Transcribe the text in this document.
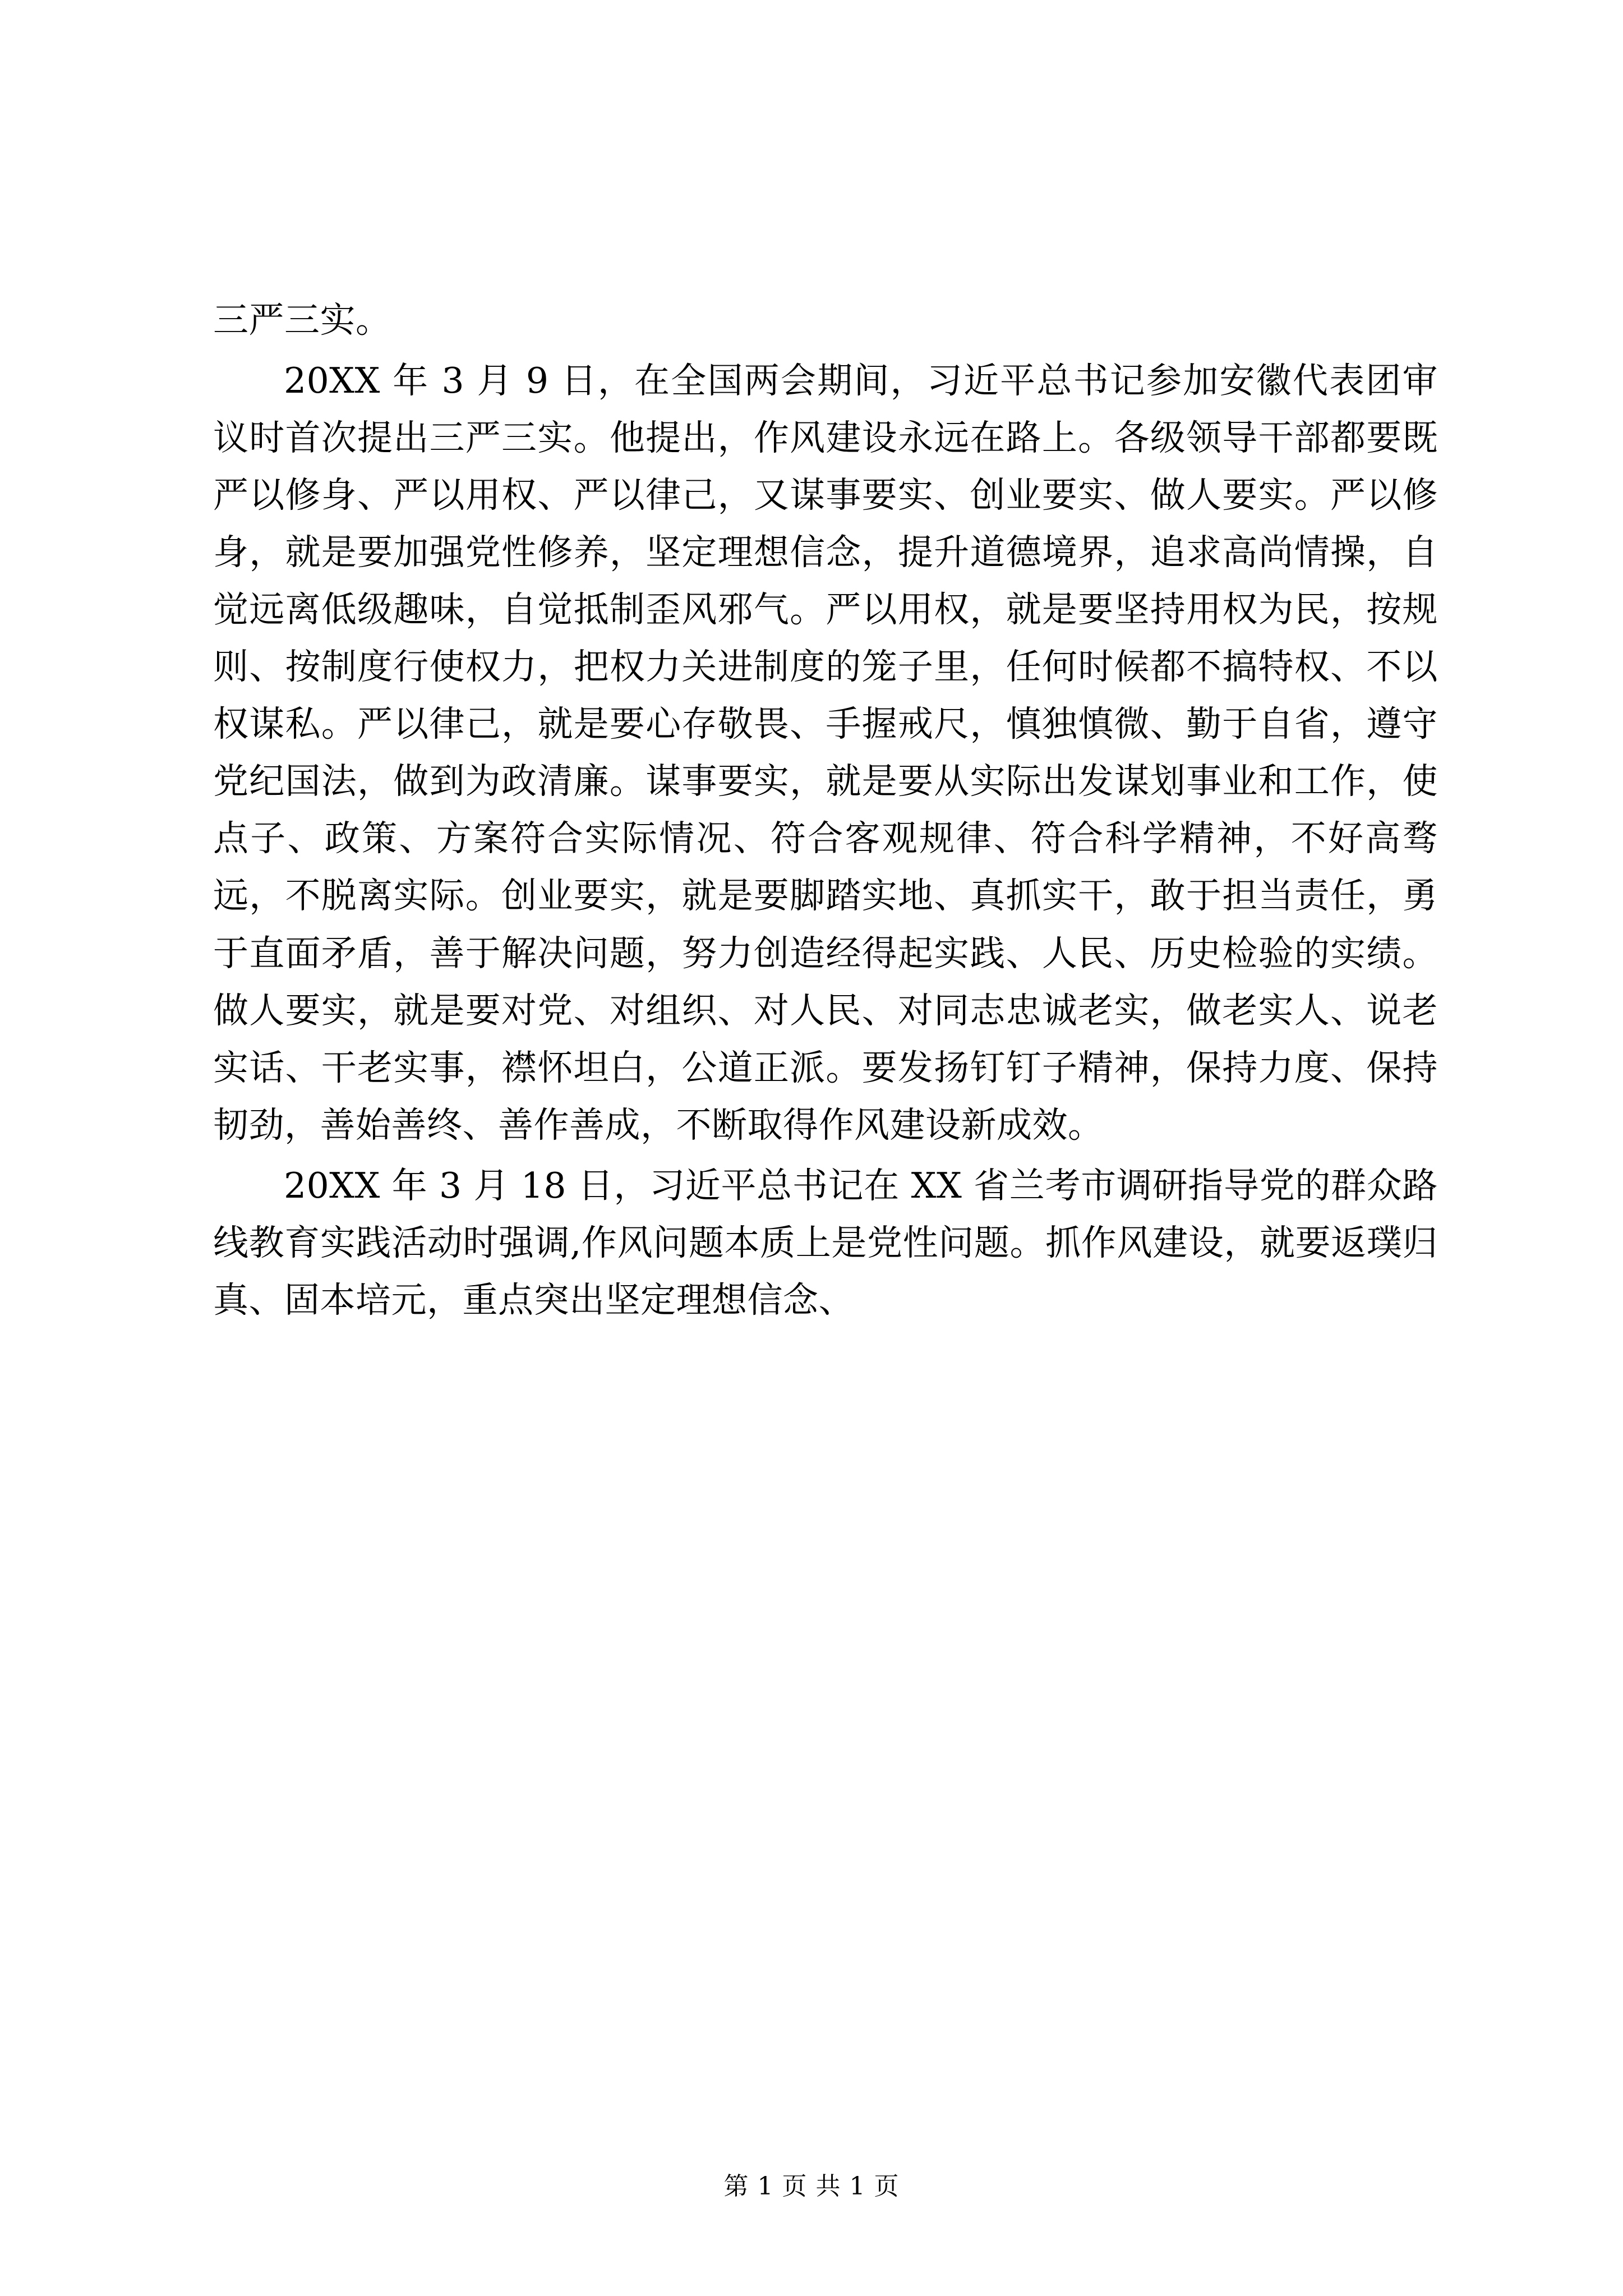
三严三实。

20XX 年 3 月 9 日，在全国两会期间，习近平总书记参加安徽代表团审议时首次提出三严三实。他提出，作风建设永远在路上。各级领导干部都要既严以修身、严以用权、严以律己，又谋事要实、创业要实、做人要实。严以修身，就是要加强党性修养，坚定理想信念，提升道德境界，追求高尚情操，自觉远离低级趣味，自觉抵制歪风邪气。严以用权，就是要坚持用权为民，按规则、按制度行使权力，把权力关进制度的笼子里，任何时候都不搞特权、不以权谋私。严以律己，就是要心存敬畏、手握戒尺，慎独慎微、勤于自省，遵守党纪国法，做到为政清廉。谋事要实，就是要从实际出发谋划事业和工作，使点子、政策、方案符合实际情况、符合客观规律、符合科学精神，不好高骛远，不脱离实际。创业要实，就是要脚踏实地、真抓实干，敢于担当责任，勇于直面矛盾，善于解决问题，努力创造经得起实践、人民、历史检验的实绩。做人要实，就是要对党、对组织、对人民、对同志忠诚老实，做老实人、说老实话、干老实事，襟怀坦白，公道正派。要发扬钉钉子精神，保持力度、保持韧劲，善始善终、善作善成，不断取得作风建设新成效。

20XX 年 3 月 18 日，习近平总书记在 XX 省兰考市调研指导党的群众路线教育实践活动时强调,作风问题本质上是党性问题。抓作风建设，就要返璞归真、固本培元，重点突出坚定理想信念、

第 1 页 共 1 页
